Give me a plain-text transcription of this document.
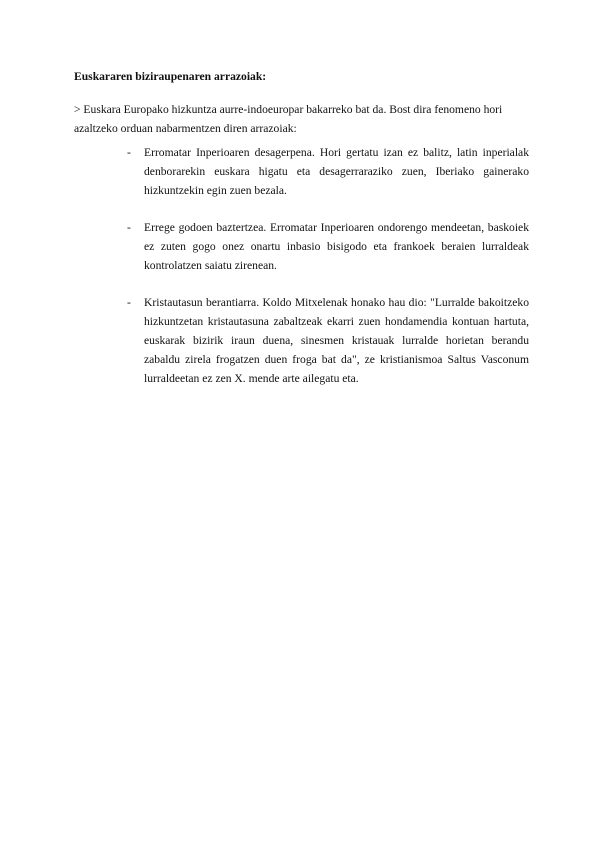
Euskararen biziraupenaren arrazoiak:

> Euskara Europako hizkuntza aurre-indoeuropar bakarreko bat da. Bost dira fenomeno hori azaltzeko orduan nabarmentzen diren arrazoiak:

- Erromatar Inperioaren desagerpena. Hori gertatu izan ez balitz, latin inperialak denborarekin euskara higatu eta desagerraraziko zuen, Iberiako gainerako hizkuntzekin egin zuen bezala.
- Errege godoen baztertzea. Erromatar Inperioaren ondorengo mendeetan, baskoiek ez zuten gogo onez onartu inbasio bisigodo eta frankoek beraien lurraldeak kontrolatzen saiatu zirenean.
- Kristautasun berantiarra. Koldo Mitxelenak honako hau dio: "Lurralde bakoitzeko hizkuntzetan kristautasuna zabaltzeak ekarri zuen hondamendia kontuan hartuta, euskarak bizirik iraun duena, sinesmen kristauak lurralde horietan berandu zabaldu zirela frogatzen duen froga bat da", ze kristianismoa Saltus Vasconum lurraldeetan ez zen X. mende arte ailegatu eta.
